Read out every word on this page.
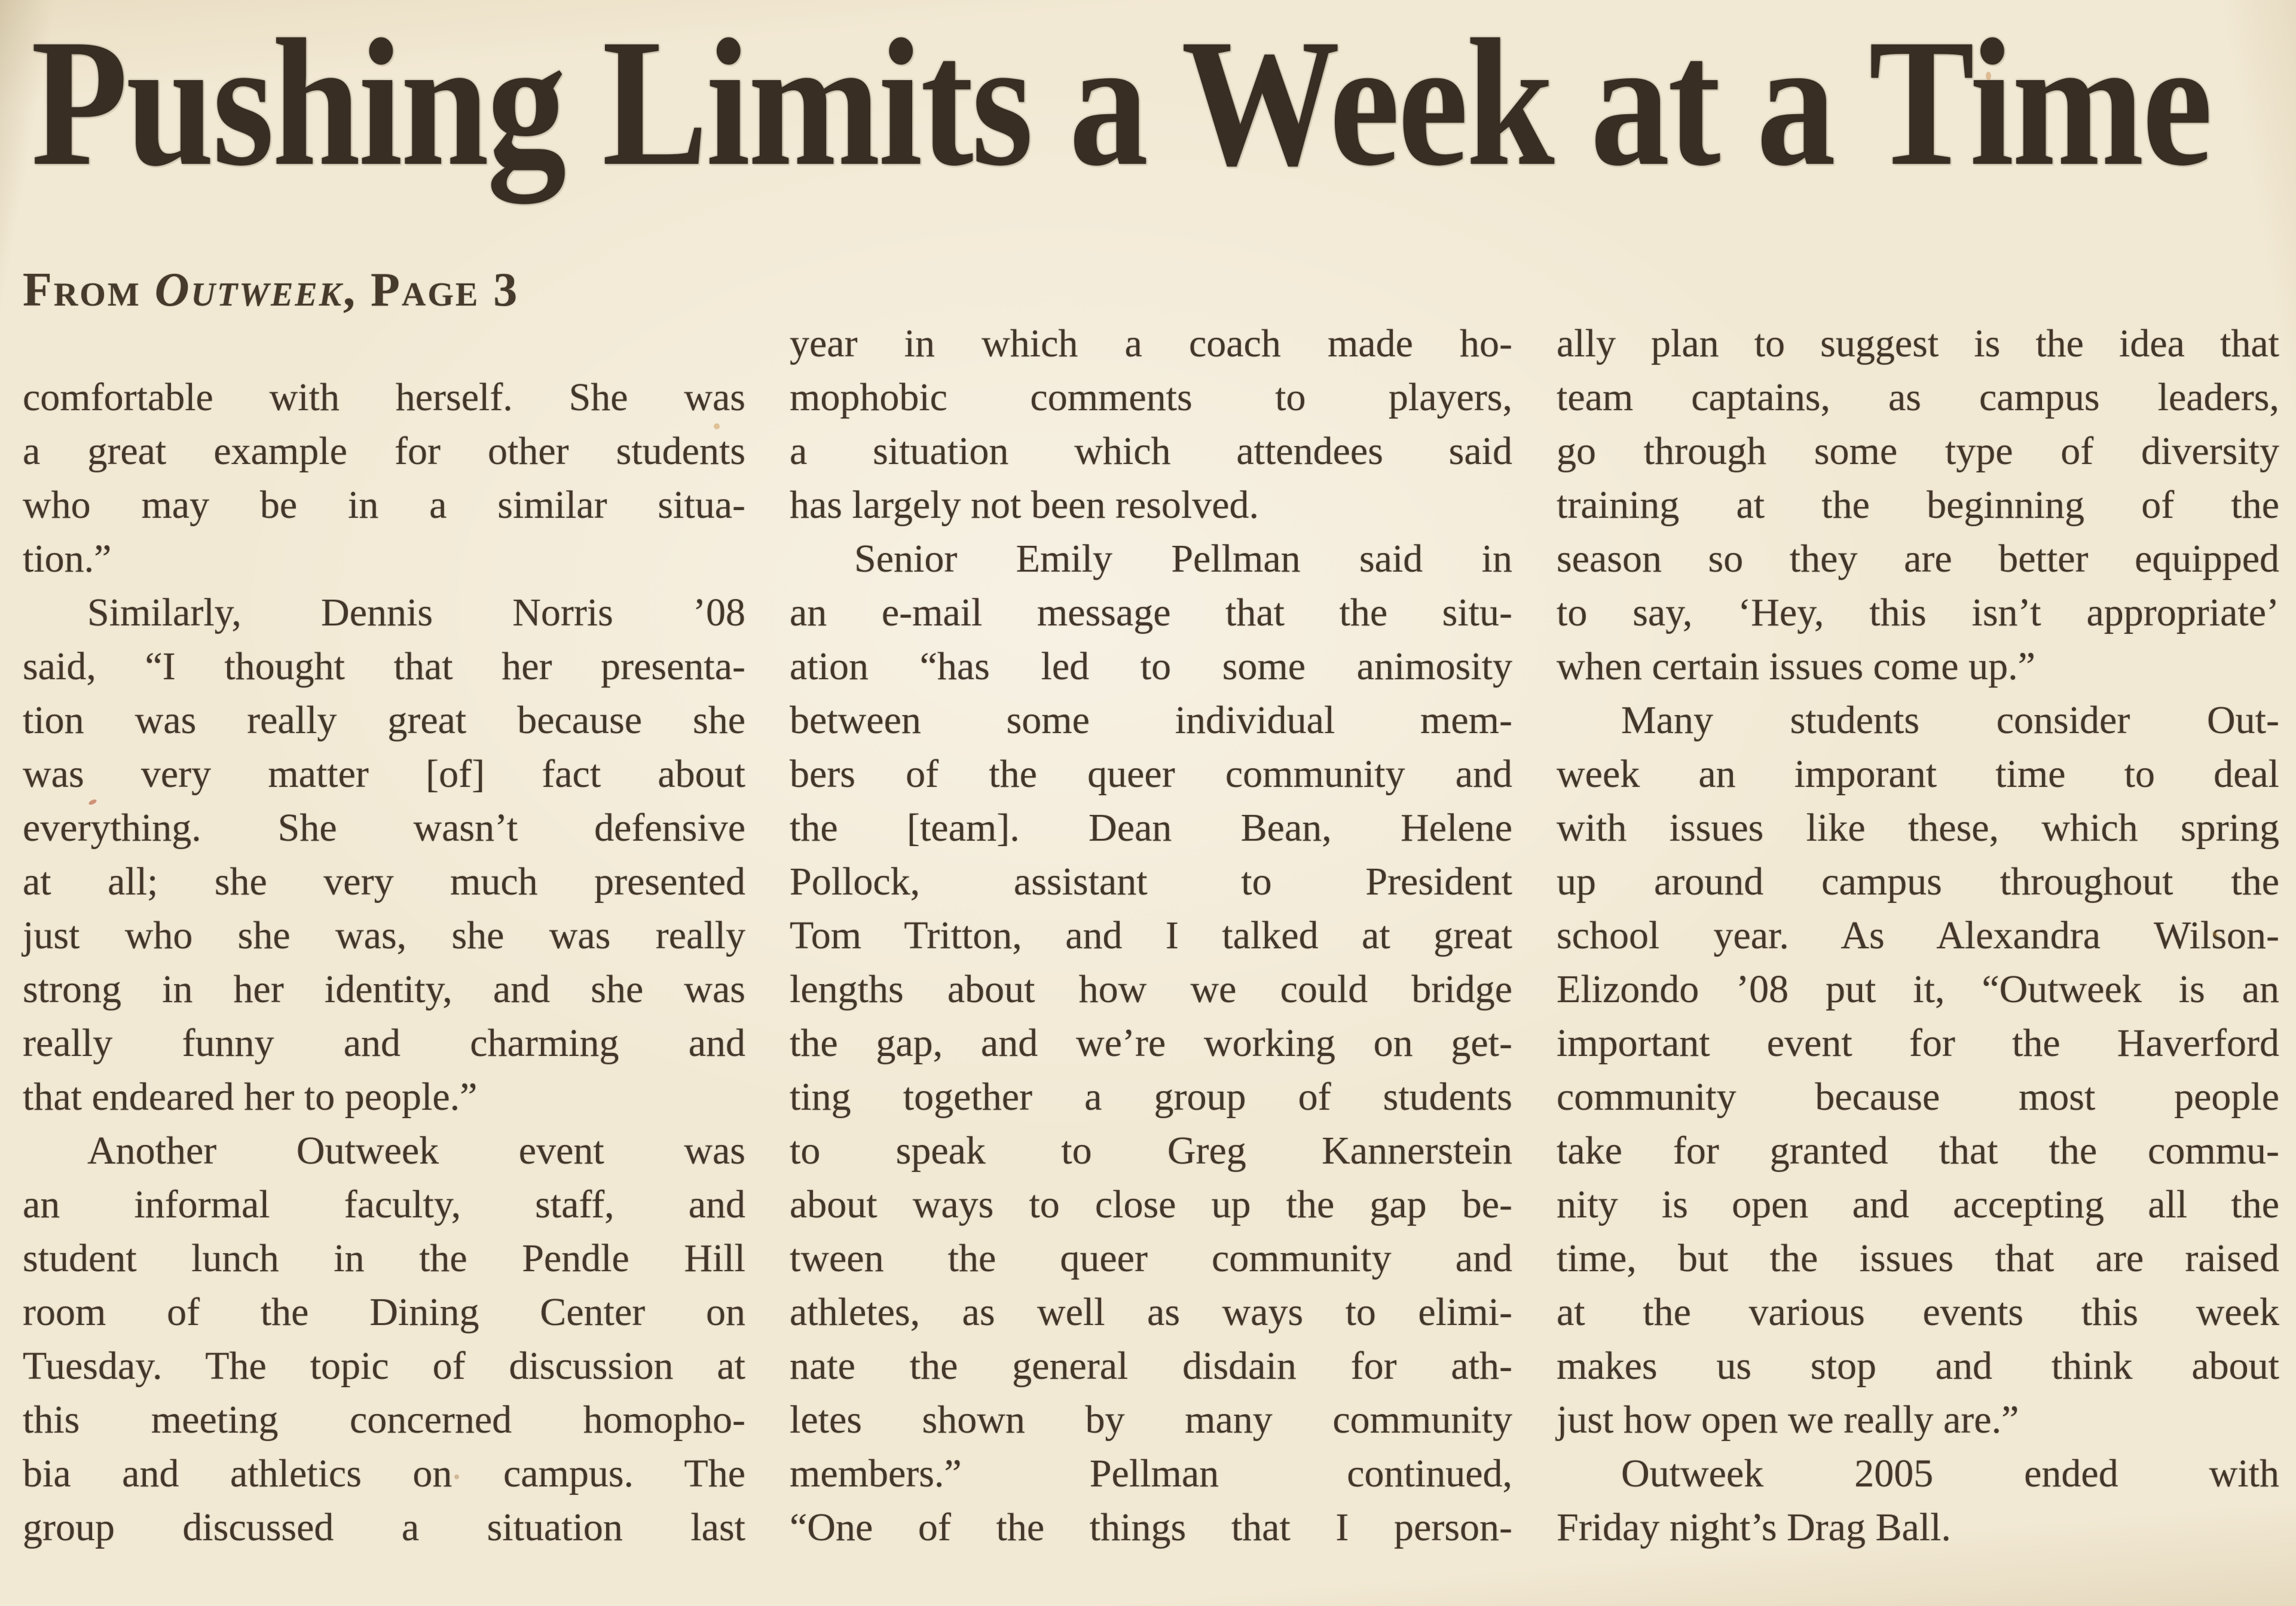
Pushing Limits a Week at a Time
From Outweek, Page 3
comfortable with herself. She was
a great example for other students
who may be in a similar situa-
tion.”
Similarly, Dennis Norris ’08
said, “I thought that her presenta-
tion was really great because she
was very matter [of] fact about
everything. She wasn’t defensive
at all; she very much presented
just who she was, she was really
strong in her identity, and she was
really funny and charming and
that endeared her to people.”
Another Outweek event was
an informal faculty, staff, and
student lunch in the Pendle Hill
room of the Dining Center on
Tuesday. The topic of discussion at
this meeting concerned homopho-
bia and athletics on campus. The
group discussed a situation last
year in which a coach made ho-
mophobic comments to players,
a situation which attendees said
has largely not been resolved.
Senior Emily Pellman said in
an e-mail message that the situ-
ation “has led to some animosity
between some individual mem-
bers of the queer community and
the [team]. Dean Bean, Helene
Pollock, assistant to President
Tom Tritton, and I talked at great
lengths about how we could bridge
the gap, and we’re working on get-
ting together a group of students
to speak to Greg Kannerstein
about ways to close up the gap be-
tween the queer community and
athletes, as well as ways to elimi-
nate the general disdain for ath-
letes shown by many community
members.” Pellman continued,
“One of the things that I person-
ally plan to suggest is the idea that
team captains, as campus leaders,
go through some type of diversity
training at the beginning of the
season so they are better equipped
to say, ‘Hey, this isn’t appropriate’
when certain issues come up.”
Many students consider Out-
week an imporant time to deal
with issues like these, which spring
up around campus throughout the
school year. As Alexandra Wilson-
Elizondo ’08 put it, “Outweek is an
important event for the Haverford
community because most people
take for granted that the commu-
nity is open and accepting all the
time, but the issues that are raised
at the various events this week
makes us stop and think about
just how open we really are.”
Outweek 2005 ended with
Friday night’s Drag Ball.
